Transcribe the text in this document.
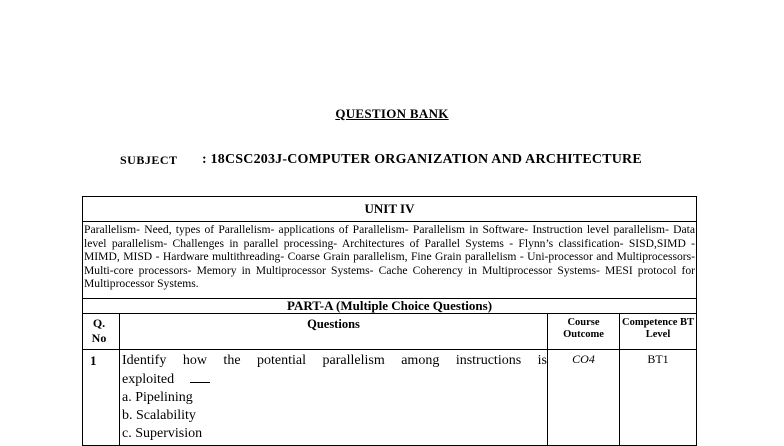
QUESTION BANK
SUBJECT : 18CSC203J-COMPUTER ORGANIZATION AND ARCHITECTURE
UNIT IV			
Parallelism- Need, types of Parallelism- applications of Parallelism- Parallelism in Software- Instruction level parallelism- Data level parallelism- Challenges in parallel processing- Architectures of Parallel Systems - Flynn’s classification- SISD,SIMD - MIMD, MISD - Hardware multithreading- Coarse Grain parallelism, Fine Grain parallelism - Uni-processor and Multiprocessors- Multi-core processors- Memory in Multiprocessor Systems- Cache Coherency in Multiprocessor Systems- MESI protocol for Multiprocessor Systems.			
PART-A (Multiple Choice Questions)			
Q. No	Questions	Course Outcome	Competence BT Level
1	Identify how the potential parallelism among instructions is
exploited
a. Pipelining
b. Scalability
c. Supervision	CO4	BT1
